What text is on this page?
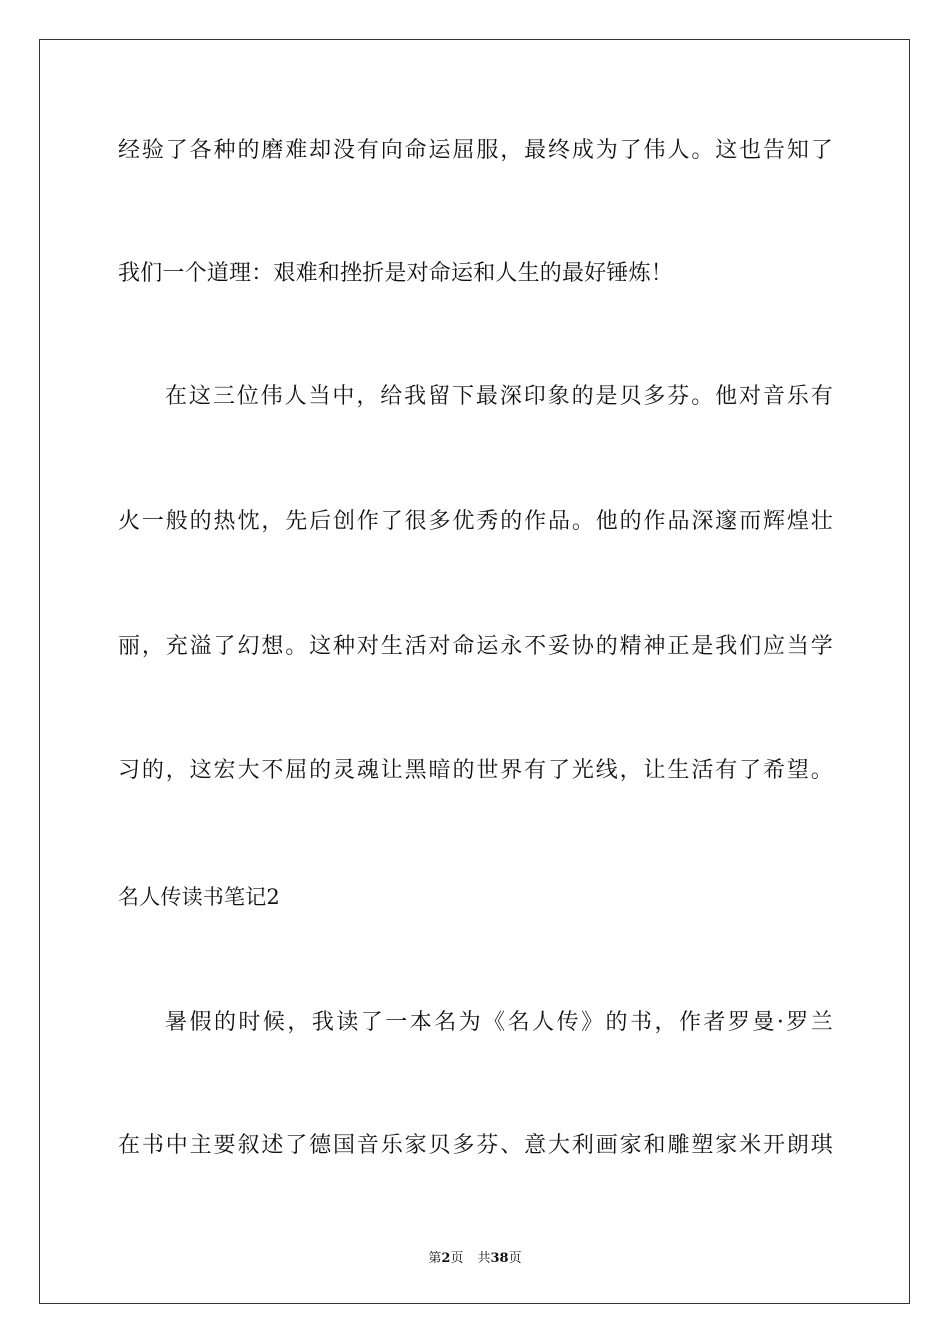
经验了各种的磨难却没有向命运屈服，最终成为了伟人。这也告知了
我们一个道理：艰难和挫折是对命运和人生的最好锤炼！
在这三位伟人当中，给我留下最深印象的是贝多芬。他对音乐有
火一般的热忱，先后创作了很多优秀的作品。他的作品深邃而辉煌壮
丽，充溢了幻想。这种对生活对命运永不妥协的精神正是我们应当学
习的，这宏大不屈的灵魂让黑暗的世界有了光线，让生活有了希望。
名人传读书笔记2
暑假的时候，我读了一本名为《名人传》的书，作者罗曼·罗兰
在书中主要叙述了德国音乐家贝多芬、意大利画家和雕塑家米开朗琪
第2页 共38页
